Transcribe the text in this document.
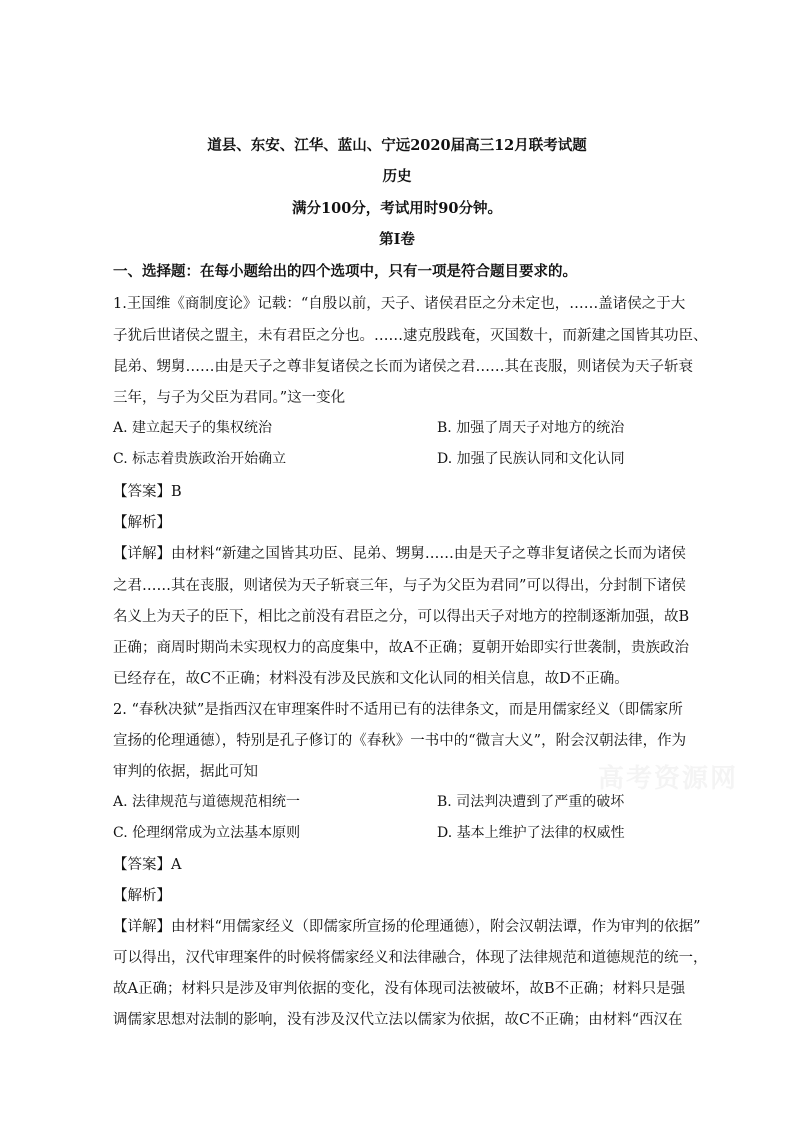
道县、东安、江华、蓝山、宁远2020届高三12月联考试题
历史
满分100分，考试用时90分钟。
第I卷
一、选择题：在每小题给出的四个选项中，只有一项是符合题目要求的。
1.王国维《商制度论》记载：“自殷以前，天子、诸侯君臣之分未定也，……盖诸侯之于大
子犹后世诸侯之盟主，未有君臣之分也。……逮克殷践奄，灭国数十，而新建之国皆其功臣、
昆弟、甥舅……由是天子之尊非复诸侯之长而为诸侯之君……其在丧服，则诸侯为天子斩衰
三年，与子为父臣为君同。”这一变化
A. 建立起天子的集权统治	B. 加强了周天子对地方的统治
C. 标志着贵族政治开始确立	D. 加强了民族认同和文化认同
【答案】B
【解析】
【详解】由材料“新建之国皆其功臣、昆弟、甥舅……由是天子之尊非复诸侯之长而为诸侯
之君……其在丧服，则诸侯为天子斩衰三年，与子为父臣为君同”可以得出，分封制下诸侯
名义上为天子的臣下，相比之前没有君臣之分，可以得出天子对地方的控制逐渐加强，故B
正确；商周时期尚未实现权力的高度集中，故A不正确；夏朝开始即实行世袭制，贵族政治
已经存在，故C不正确；材料没有涉及民族和文化认同的相关信息，故D不正确。
2. “春秋决狱”是指西汉在审理案件时不适用已有的法律条文，而是用儒家经义（即儒家所
宣扬的伦理通德），特别是孔子修订的《春秋》一书中的“微言大义”，附会汉朝法律，作为
审判的依据，据此可知	高考资源网
A. 法律规范与道德规范相统一	B. 司法判决遭到了严重的破坏
C. 伦理纲常成为立法基本原则	D. 基本上维护了法律的权威性
【答案】A
【解析】
【详解】由材料“用儒家经义（即儒家所宣扬的伦理通德），附会汉朝法谭，作为审判的依据”
可以得出，汉代审理案件的时候将儒家经义和法律融合，体现了法律规范和道德规范的统一，
故A正确；材料只是涉及审判依据的变化，没有体现司法被破坏，故B不正确；材料只是强
调儒家思想对法制的影响，没有涉及汉代立法以儒家为依据，故C不正确；由材料“西汉在
